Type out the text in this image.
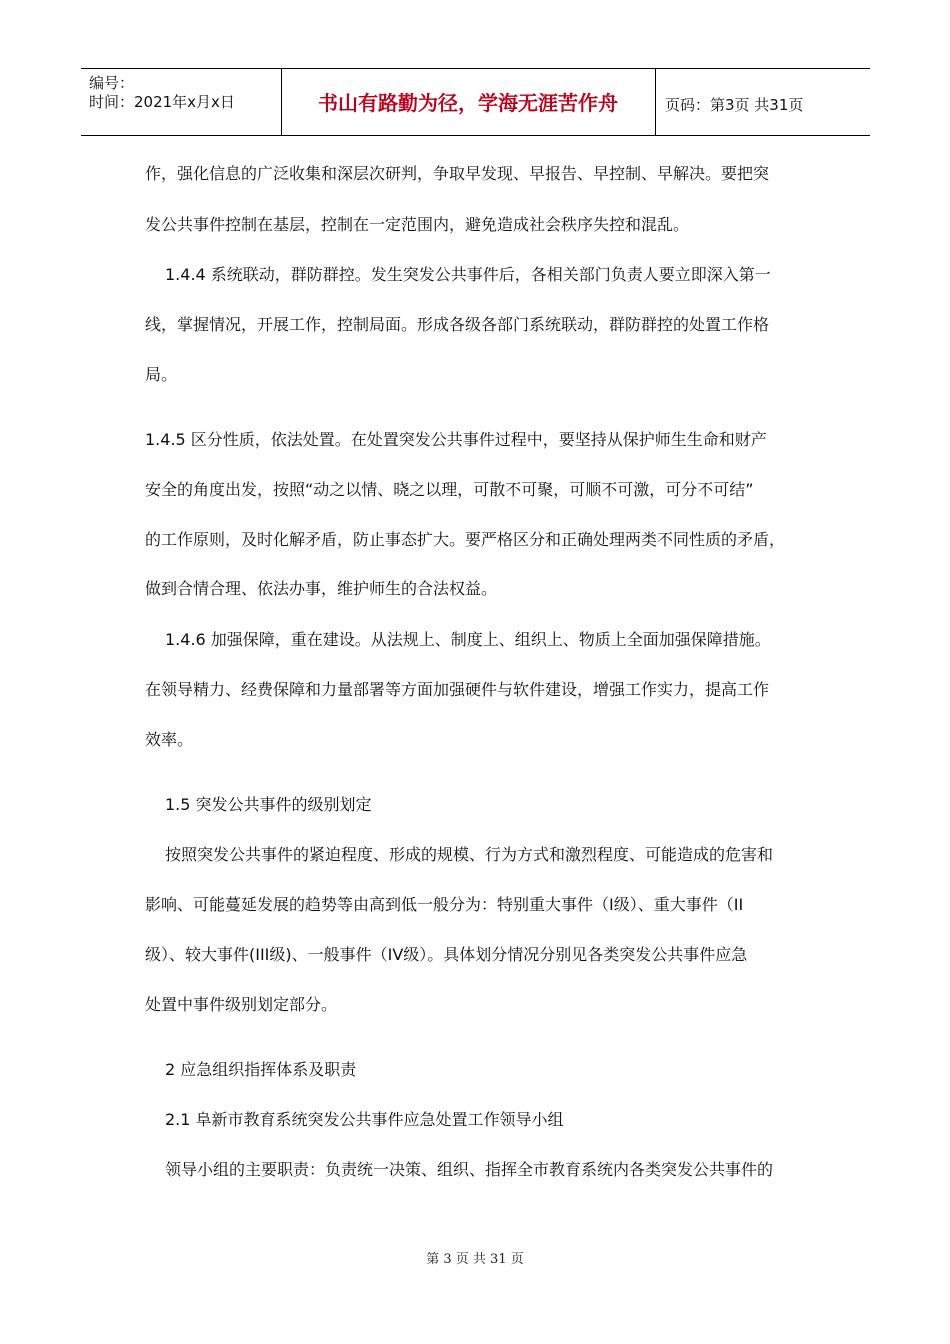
编号：
时间：2021年x月x日	书山有路勤为径，学海无涯苦作舟	页码：第3页 共31页
作，强化信息的广泛收集和深层次研判，争取早发现、早报告、早控制、早解决。要把突
发公共事件控制在基层，控制在一定范围内，避免造成社会秩序失控和混乱。
1.4.4 系统联动，群防群控。发生突发公共事件后，各相关部门负责人要立即深入第一
线，掌握情况，开展工作，控制局面。形成各级各部门系统联动，群防群控的处置工作格
局。
1.4.5 区分性质，依法处置。在处置突发公共事件过程中，要坚持从保护师生生命和财产
安全的角度出发，按照“动之以情、晓之以理，可散不可聚，可顺不可激，可分不可结”
的工作原则，及时化解矛盾，防止事态扩大。要严格区分和正确处理两类不同性质的矛盾，
做到合情合理、依法办事，维护师生的合法权益。
1.4.6 加强保障，重在建设。从法规上、制度上、组织上、物质上全面加强保障措施。
在领导精力、经费保障和力量部署等方面加强硬件与软件建设，增强工作实力，提高工作
效率。
1.5 突发公共事件的级别划定
按照突发公共事件的紧迫程度、形成的规模、行为方式和激烈程度、可能造成的危害和
影响、可能蔓延发展的趋势等由高到低一般分为：特别重大事件（I级）、重大事件（II
级）、较大事件(III级)、一般事件（IV级）。具体划分情况分别见各类突发公共事件应急
处置中事件级别划定部分。
2 应急组织指挥体系及职责
2.1 阜新市教育系统突发公共事件应急处置工作领导小组
领导小组的主要职责：负责统一决策、组织、指挥全市教育系统内各类突发公共事件的
第 3 页 共 31 页
